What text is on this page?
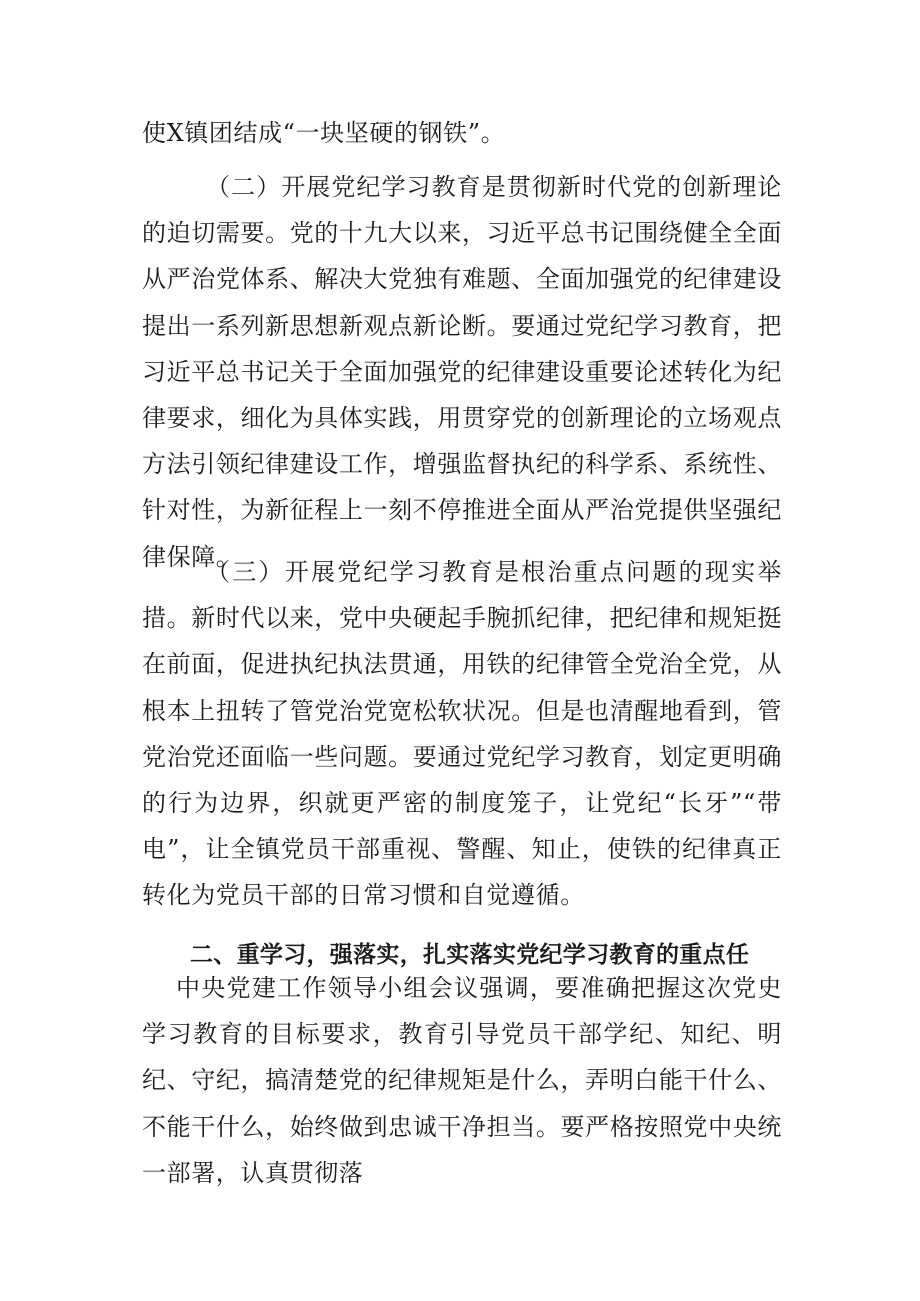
使X镇团结成“一块坚硬的钢铁”。

（二）开展党纪学习教育是贯彻新时代党的创新理论的迫切需要。党的十九大以来，习近平总书记围绕健全全面从严治党体系、解决大党独有难题、全面加强党的纪律建设提出一系列新思想新观点新论断。要通过党纪学习教育，把习近平总书记关于全面加强党的纪律建设重要论述转化为纪律要求，细化为具体实践，用贯穿党的创新理论的立场观点方法引领纪律建设工作，增强监督执纪的科学系、系统性、针对性，为新征程上一刻不停推进全面从严治党提供坚强纪律保障。

（三）开展党纪学习教育是根治重点问题的现实举措。新时代以来，党中央硬起手腕抓纪律，把纪律和规矩挺在前面，促进执纪执法贯通，用铁的纪律管全党治全党，从根本上扭转了管党治党宽松软状况。但是也清醒地看到，管党治党还面临一些问题。要通过党纪学习教育，划定更明确的行为边界，织就更严密的制度笼子，让党纪“长牙”“带电”，让全镇党员干部重视、警醒、知止，使铁的纪律真正转化为党员干部的日常习惯和自觉遵循。

二、重学习，强落实，扎实落实党纪学习教育的重点任

中央党建工作领导小组会议强调，要准确把握这次党史学习教育的目标要求，教育引导党员干部学纪、知纪、明纪、守纪，搞清楚党的纪律规矩是什么，弄明白能干什么、不能干什么，始终做到忠诚干净担当。要严格按照党中央统一部署，认真贯彻落
